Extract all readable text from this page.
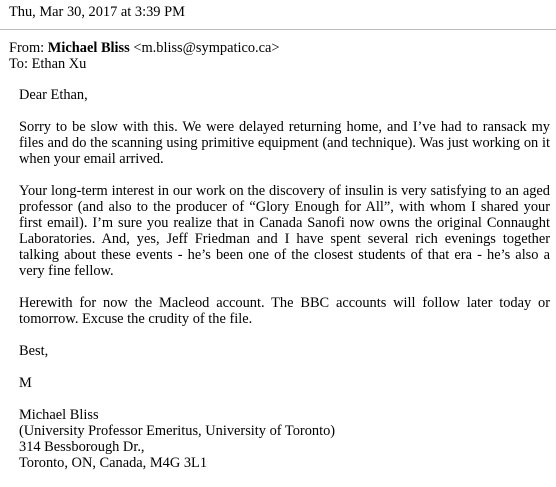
Thu, Mar 30, 2017 at 3:39 PM
From: Michael Bliss <m.bliss@sympatico.ca>
To: Ethan Xu

Dear Ethan,

Sorry to be slow with this. We were delayed returning home, and I’ve had to ransack my files and do the scanning using primitive equipment (and technique). Was just working on it when your email arrived.

Your long-term interest in our work on the discovery of insulin is very satisfying to an aged professor (and also to the producer of “Glory Enough for All”, with whom I shared your first email). I’m sure you realize that in Canada Sanofi now owns the original Connaught Laboratories. And, yes, Jeff Friedman and I have spent several rich evenings together talking about these events - he’s been one of the closest students of that era - he’s also a very fine fellow.

Herewith for now the Macleod account. The BBC accounts will follow later today or tomorrow. Excuse the crudity of the file.

Best,

M

Michael Bliss
(University Professor Emeritus, University of Toronto)
314 Bessborough Dr.,
Toronto, ON, Canada, M4G 3L1
